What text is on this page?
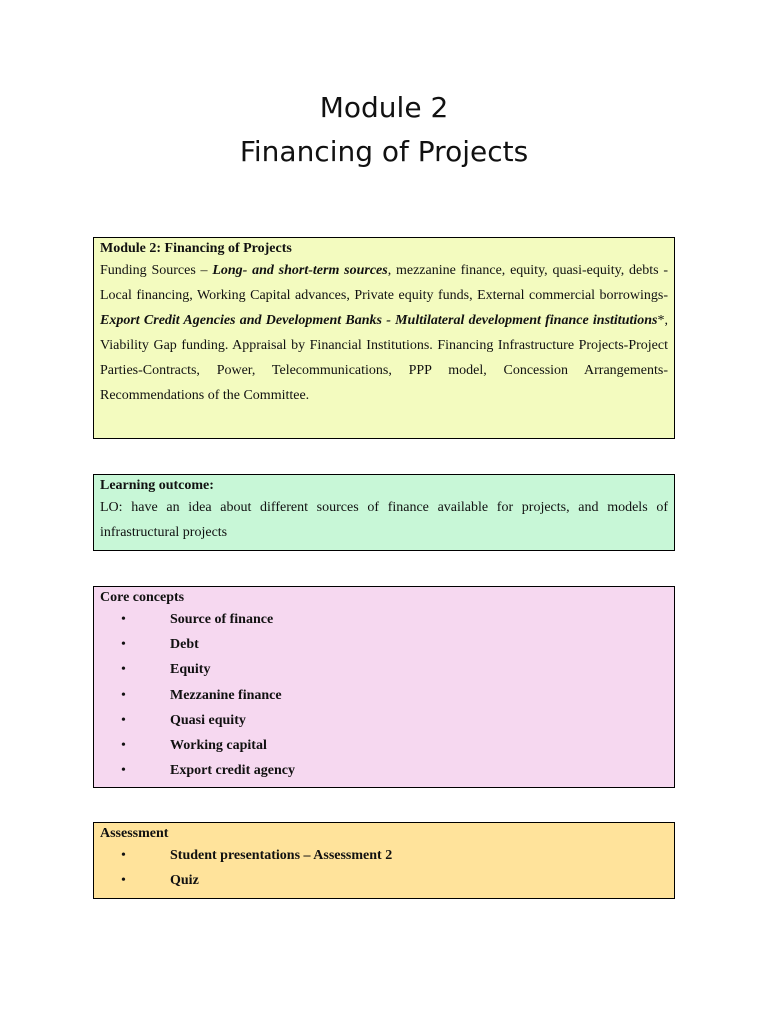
Module 2
Financing of Projects
Module 2: Financing of Projects

Funding Sources – Long- and short-term sources, mezzanine finance, equity, quasi-equity, debts - Local financing, Working Capital advances, Private equity funds, External commercial borrowings- Export Credit Agencies and Development Banks - Multilateral development finance institutions*, Viability Gap funding. Appraisal by Financial Institutions. Financing Infrastructure Projects-Project Parties-Contracts, Power, Telecommunications, PPP model, Concession Arrangements-Recommendations of the Committee.

Learning outcome:

LO: have an idea about different sources of finance available for projects, and models of infrastructural projects

Core concepts
•	Source of finance
•	Debt
•	Equity
•	Mezzanine finance
•	Quasi equity
•	Working capital
•	Export credit agency
Assessment
•	Student presentations – Assessment 2
•	Quiz
